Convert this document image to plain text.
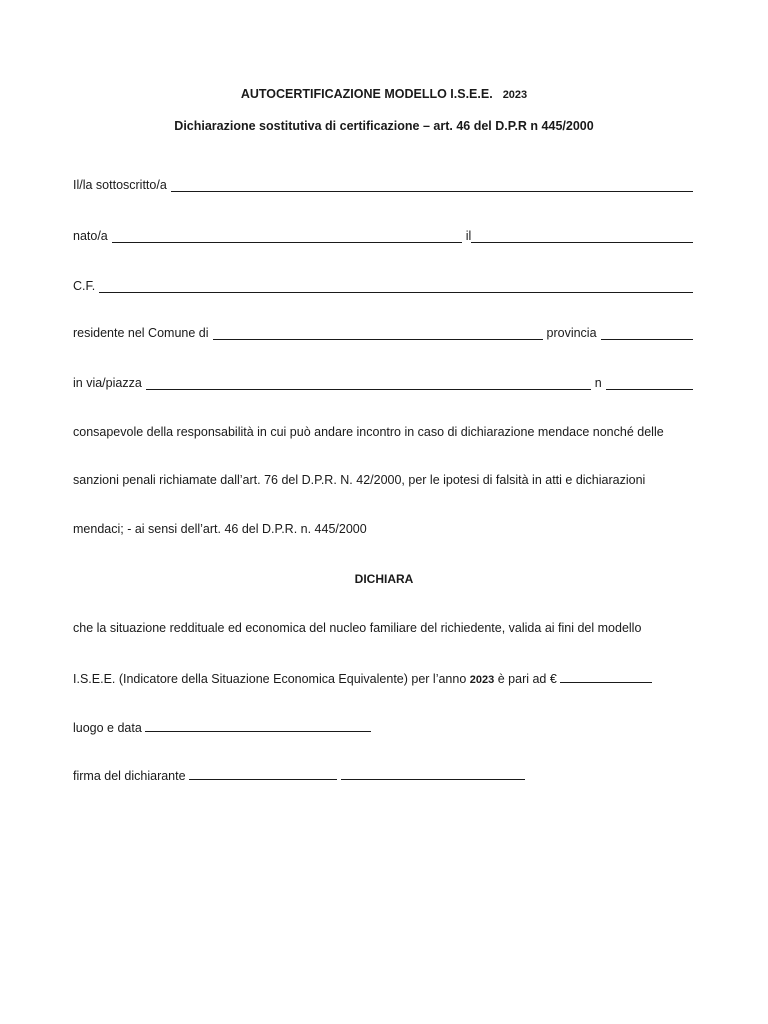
AUTOCERTIFICAZIONE MODELLO I.S.E.E. 2023
Dichiarazione sostitutiva di certificazione – art. 46 del D.P.R n 445/2000
Il/la sottoscritto/a
nato/a	il
C.F.
residente nel Comune di	provincia
in via/piazza	n
consapevole della responsabilità in cui può andare incontro in caso di dichiarazione mendace nonché delle
sanzioni penali richiamate dall’art. 76 del D.P.R. N. 42/2000, per le ipotesi di falsità in atti e dichiarazioni
mendaci; - ai sensi dell’art. 46 del D.P.R. n. 445/2000
DICHIARA
che la situazione reddituale ed economica del nucleo familiare del richiedente, valida ai fini del modello
I.S.E.E. (Indicatore della Situazione Economica Equivalente) per l’anno 2023 è pari ad €
luogo e data
firma del dichiarante
